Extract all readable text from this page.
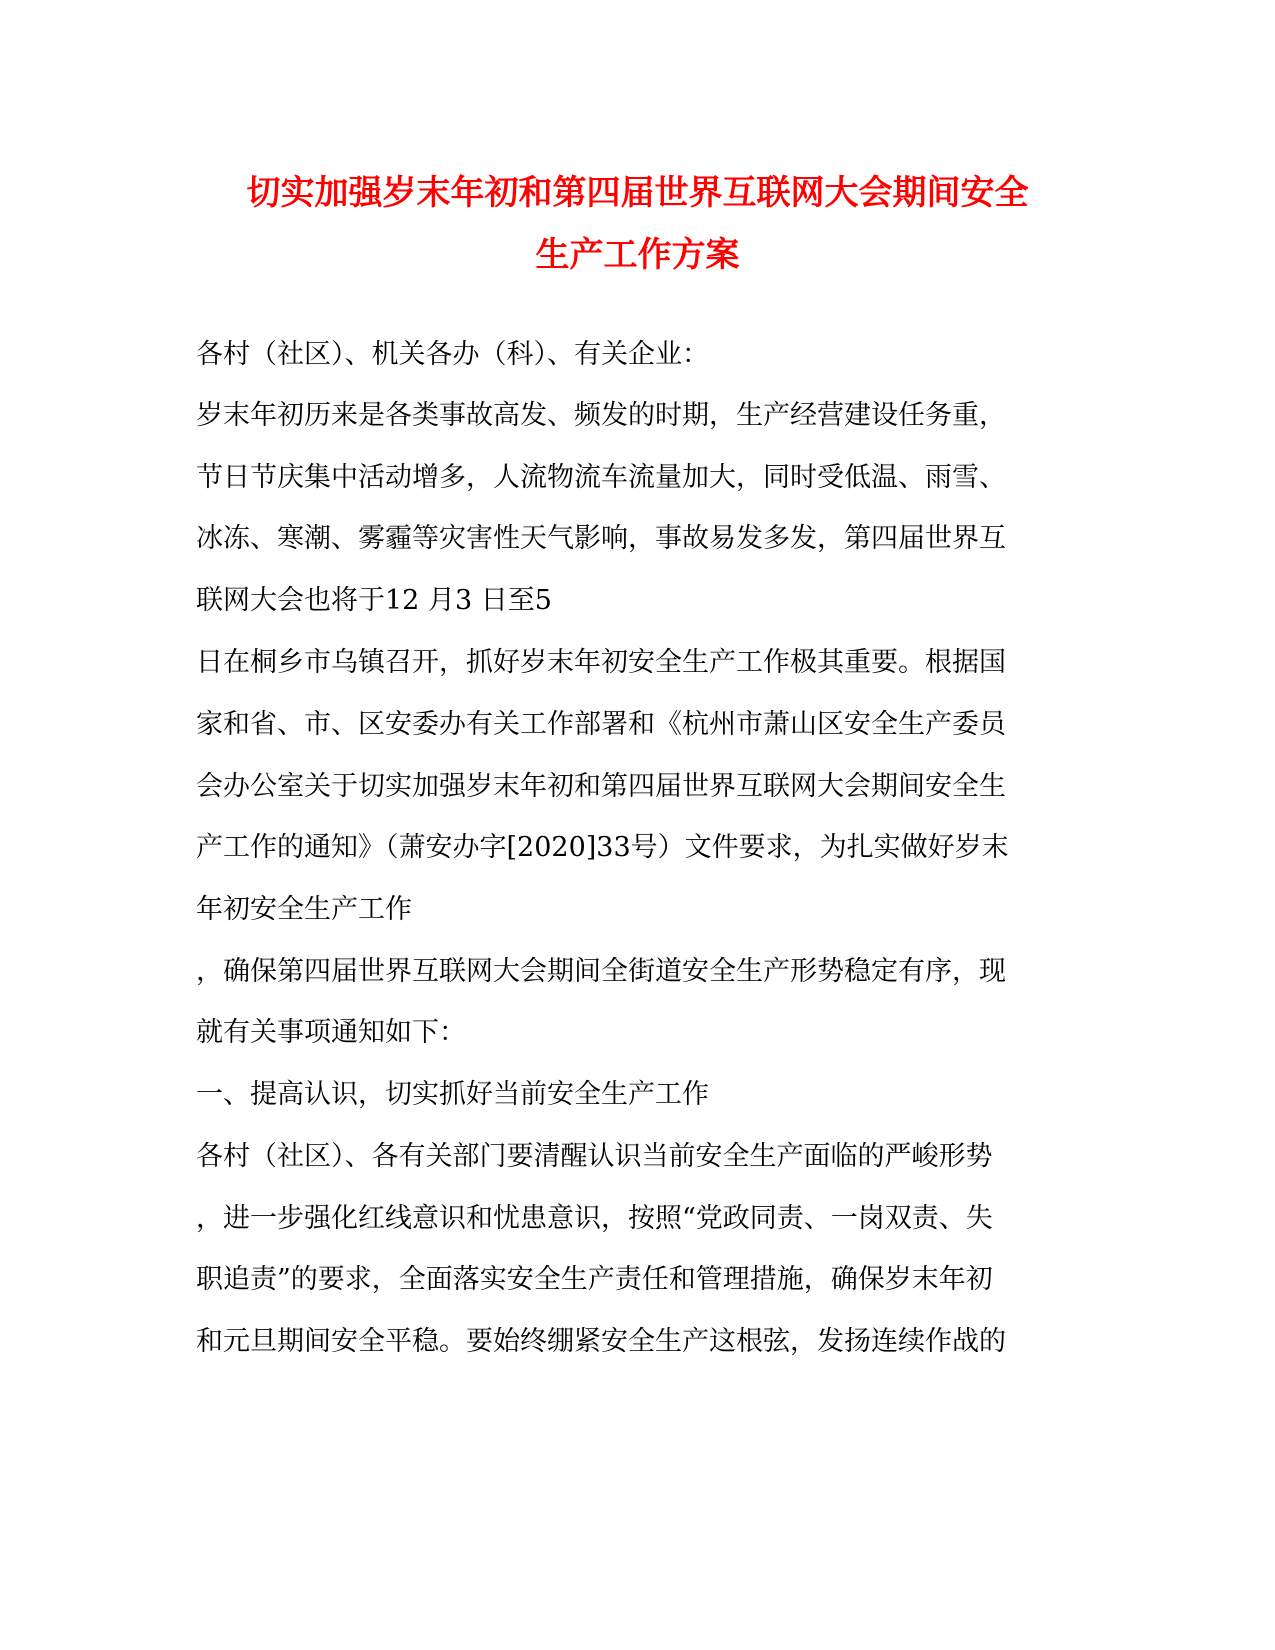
切实加强岁末年初和第四届世界互联网大会期间安全
生产工作方案
各村（社区）、机关各办（科）、有关企业：
岁末年初历来是各类事故高发、频发的时期，生产经营建设任务重，
节日节庆集中活动增多，人流物流车流量加大，同时受低温、雨雪、
冰冻、寒潮、雾霾等灾害性天气影响，事故易发多发，第四届世界互
联网大会也将于12 月3 日至5
日在桐乡市乌镇召开，抓好岁末年初安全生产工作极其重要。根据国
家和省、市、区安委办有关工作部署和《杭州市萧山区安全生产委员
会办公室关于切实加强岁末年初和第四届世界互联网大会期间安全生
产工作的通知》（萧安办字[2020]33号）文件要求，为扎实做好岁末
年初安全生产工作
，确保第四届世界互联网大会期间全街道安全生产形势稳定有序，现
就有关事项通知如下：
一、提高认识，切实抓好当前安全生产工作
各村（社区）、各有关部门要清醒认识当前安全生产面临的严峻形势
，进一步强化红线意识和忧患意识，按照“党政同责、一岗双责、失
职追责”的要求，全面落实安全生产责任和管理措施，确保岁末年初
和元旦期间安全平稳。要始终绷紧安全生产这根弦，发扬连续作战的
